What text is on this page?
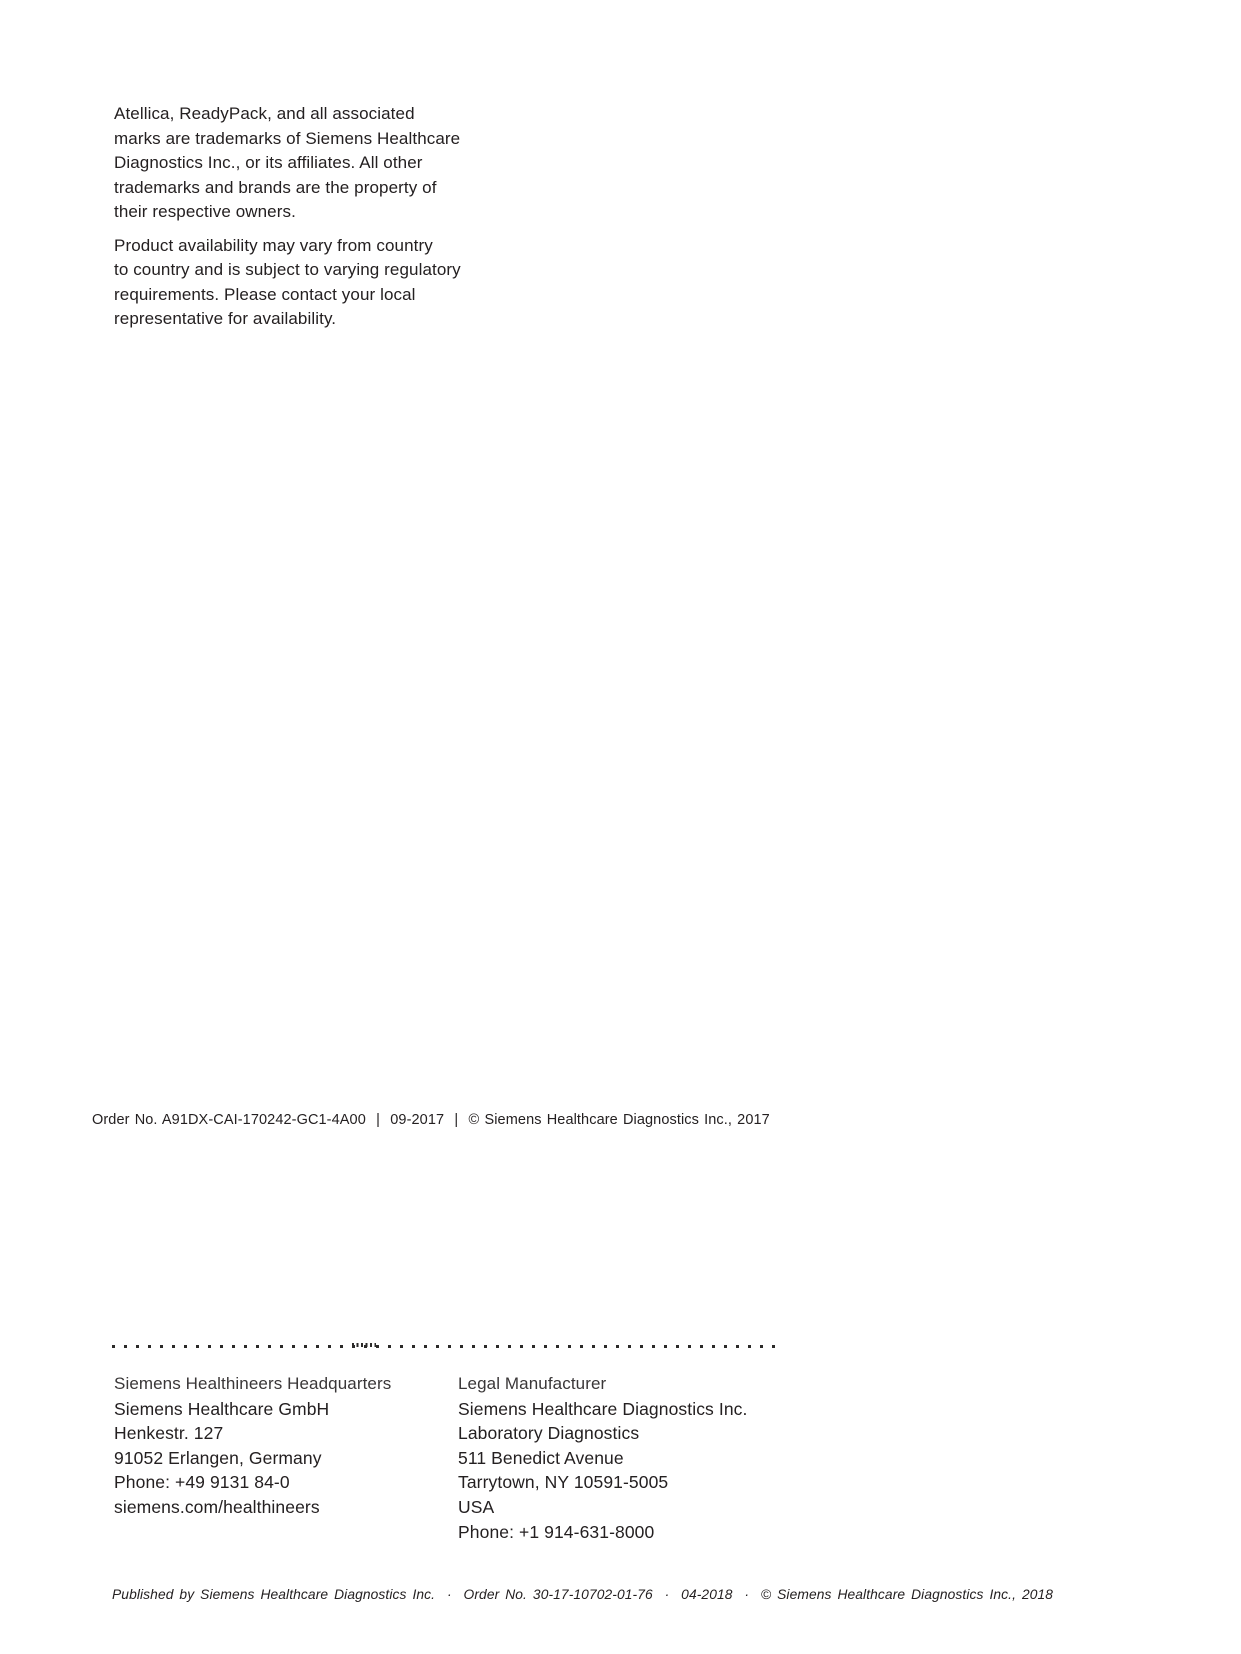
Atellica, ReadyPack, and all associated
marks are trademarks of Siemens Healthcare
Diagnostics Inc., or its affiliates. All other
trademarks and brands are the property of
their respective owners.
Product availability may vary from country
to country and is subject to varying regulatory
requirements. Please contact your local
representative for availability.
Order No. A91DX-CAI-170242-GC1-4A00  |  09-2017  |  © Siemens Healthcare Diagnostics Inc., 2017
Siemens Healthineers Headquarters
Siemens Healthcare GmbH
Henkestr. 127
91052 Erlangen, Germany
Phone: +49 9131 84-0
siemens.com/healthineers
Legal Manufacturer
Siemens Healthcare Diagnostics Inc.
Laboratory Diagnostics
511 Benedict Avenue
Tarrytown, NY 10591-5005
USA
Phone: +1 914-631-8000
Published by Siemens Healthcare Diagnostics Inc.  ·  Order No. 30-17-10702-01-76  ·  04-2018  ·  © Siemens Healthcare Diagnostics Inc., 2018
